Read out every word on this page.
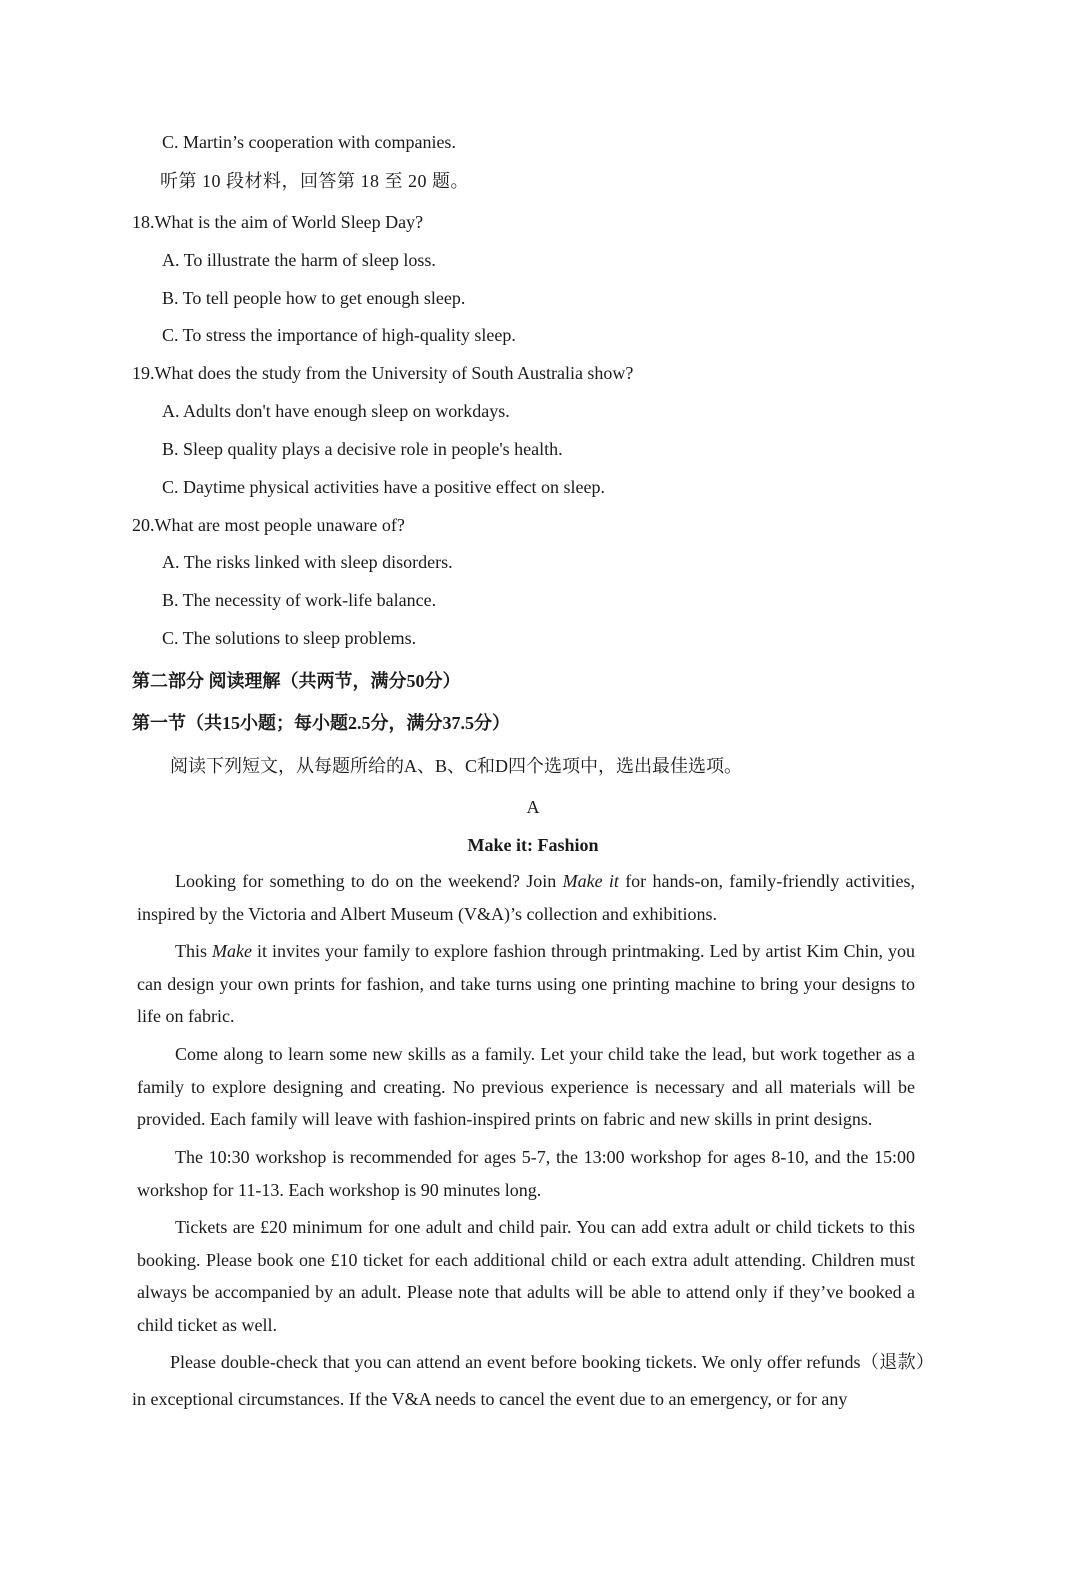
C. Martin’s cooperation with companies.
听第 10 段材料，回答第 18 至 20 题。
18.What is the aim of World Sleep Day?
A. To illustrate the harm of sleep loss.
B. To tell people how to get enough sleep.
C. To stress the importance of high-quality sleep.
19.What does the study from the University of South Australia show?
A. Adults don't have enough sleep on workdays.
B. Sleep quality plays a decisive role in people's health.
C. Daytime physical activities have a positive effect on sleep.
20.What are most people unaware of?
A. The risks linked with sleep disorders.
B. The necessity of work-life balance.
C. The solutions to sleep problems.
第二部分 阅读理解（共两节，满分50分）
第一节（共15小题；每小题2.5分，满分37.5分）
阅读下列短文，从每题所给的A、B、C和D四个选项中，选出最佳选项。
A
Make it: Fashion

Looking for something to do on the weekend? Join Make it for hands-on, family-friendly activities, inspired by the Victoria and Albert Museum (V&A)’s collection and exhibitions.

This Make it invites your family to explore fashion through printmaking. Led by artist Kim Chin, you can design your own prints for fashion, and take turns using one printing machine to bring your designs to life on fabric.

Come along to learn some new skills as a family. Let your child take the lead, but work together as a family to explore designing and creating. No previous experience is necessary and all materials will be provided. Each family will leave with fashion-inspired prints on fabric and new skills in print designs.

The 10:30 workshop is recommended for ages 5-7, the 13:00 workshop for ages 8-10, and the 15:00 workshop for 11-13. Each workshop is 90 minutes long.

Tickets are £20 minimum for one adult and child pair. You can add extra adult or child tickets to this booking. Please book one £10 ticket for each additional child or each extra adult attending. Children must always be accompanied by an adult. Please note that adults will be able to attend only if they’ve booked a child ticket as well.

Please double-check that you can attend an event before booking tickets. We only offer refunds（退款）in exceptional circumstances. If the V&A needs to cancel the event due to an emergency, or for any
